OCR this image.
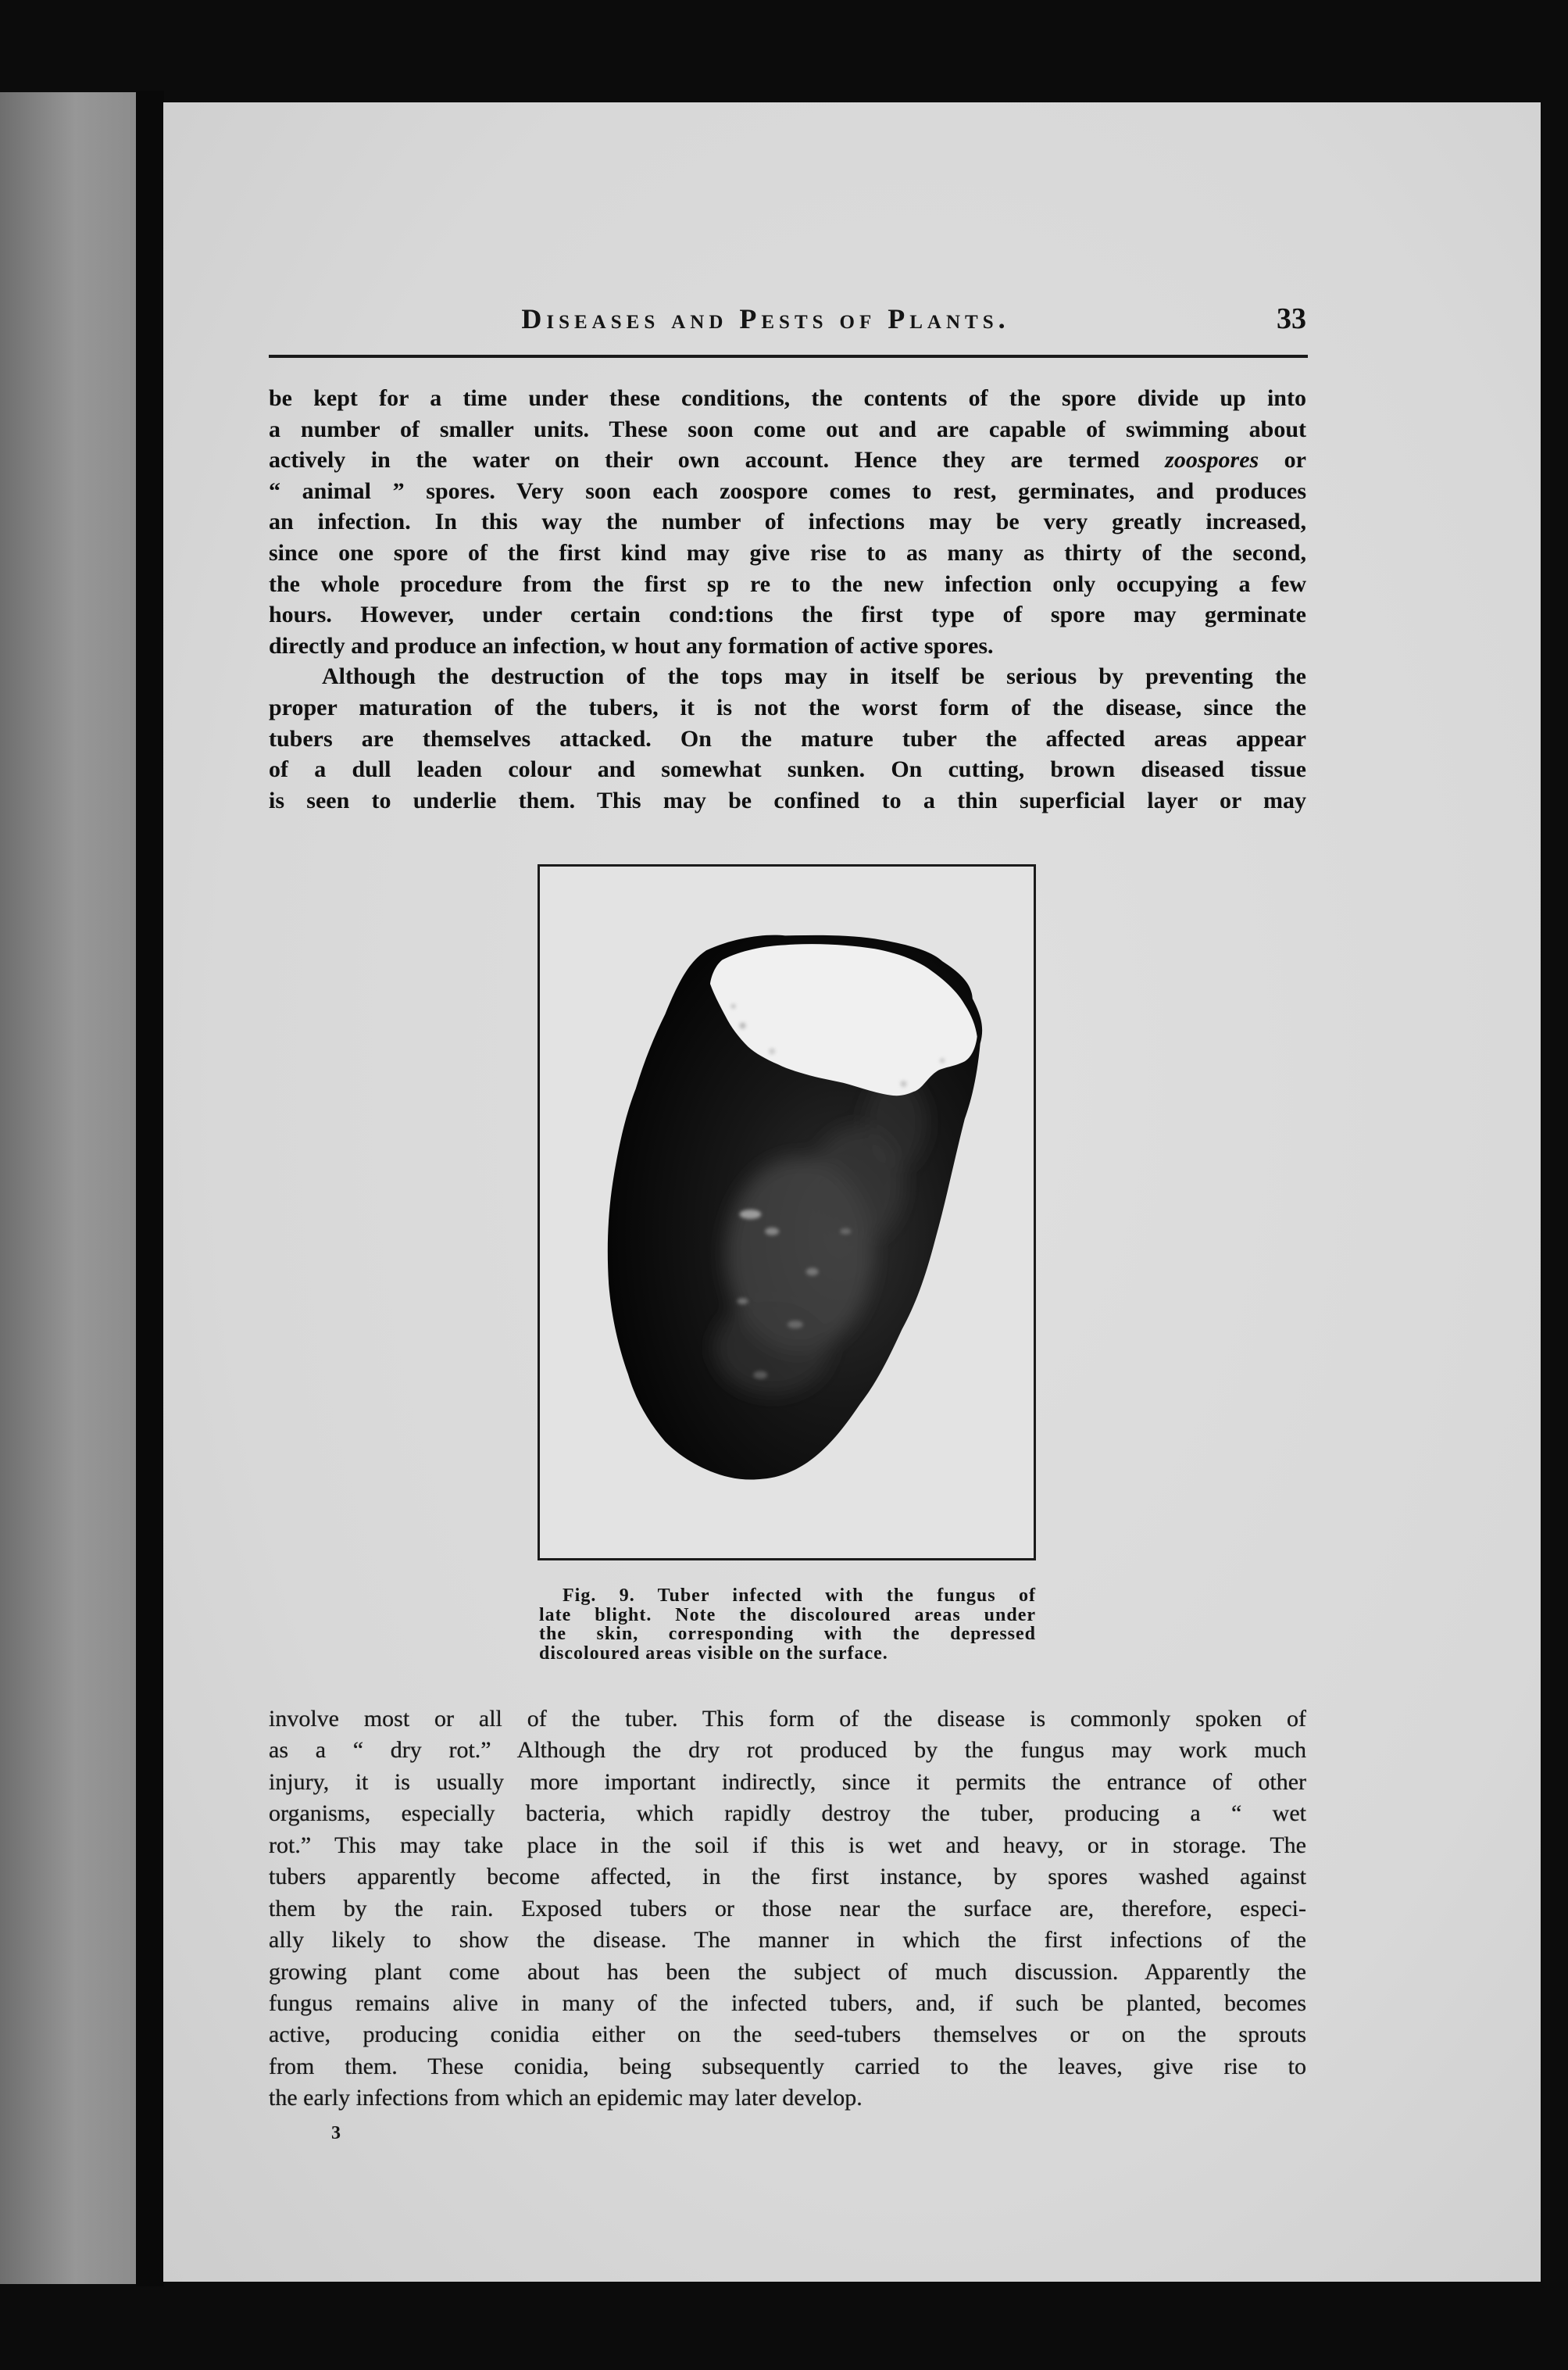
Diseases and Pests of Plants.	33
be kept for a time under these conditions, the contents of the spore divide up into
a number of smaller units. These soon come out and are capable of swimming about
actively in the water on their own account. Hence they are termed zoospores or
“ animal ” spores. Very soon each zoospore comes to rest, germinates, and produces
an infection. In this way the number of infections may be very greatly increased,
since one spore of the first kind may give rise to as many as thirty of the second,
the whole procedure from the first sp re to the new infection only occupying a few
hours. However, under certain cond:tions the first type of spore may germinate
directly and produce an infection, w hout any formation of active spores.
Although the destruction of the tops may in itself be serious by preventing the
proper maturation of the tubers, it is not the worst form of the disease, since the
tubers are themselves attacked. On the mature tuber the affected areas appear
of a dull leaden colour and somewhat sunken. On cutting, brown diseased tissue
is seen to underlie them. This may be confined to a thin superficial layer or may
Fig. 9. Tuber infected with the fungus of
late blight. Note the discoloured areas under
the skin, corresponding with the depressed
discoloured areas visible on the surface.
involve most or all of the tuber. This form of the disease is commonly spoken of
as a “ dry rot.” Although the dry rot produced by the fungus may work much
injury, it is usually more important indirectly, since it permits the entrance of other
organisms, especially bacteria, which rapidly destroy the tuber, producing a “ wet
rot.” This may take place in the soil if this is wet and heavy, or in storage. The
tubers apparently become affected, in the first instance, by spores washed against
them by the rain. Exposed tubers or those near the surface are, therefore, especi-
ally likely to show the disease. The manner in which the first infections of the
growing plant come about has been the subject of much discussion. Apparently the
fungus remains alive in many of the infected tubers, and, if such be planted, becomes
active, producing conidia either on the seed-tubers themselves or on the sprouts
from them. These conidia, being subsequently carried to the leaves, give rise to
the early infections from which an epidemic may later develop.
3
